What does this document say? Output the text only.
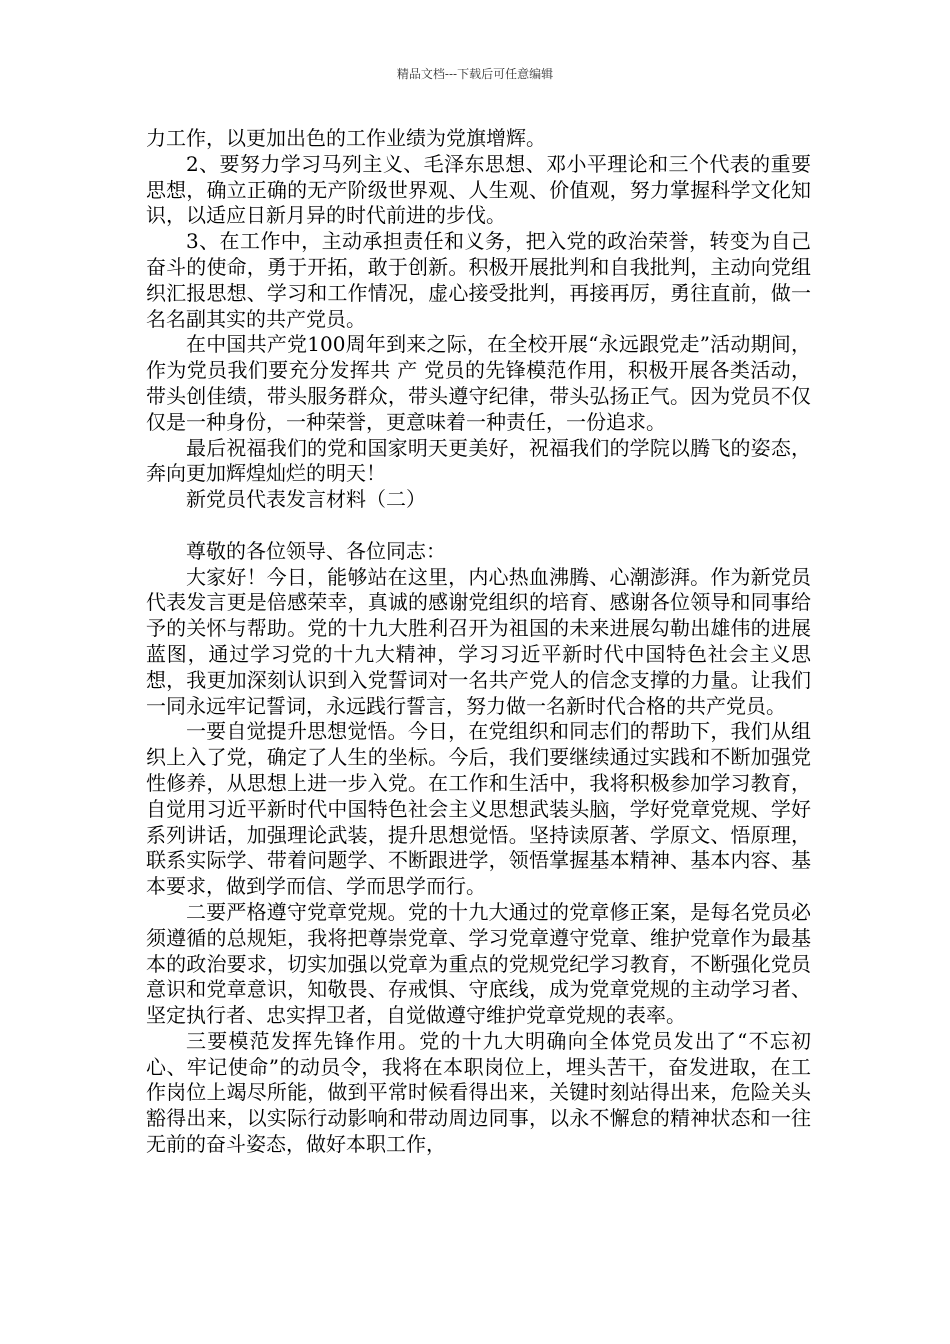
精品文档---下载后可任意编辑

力工作，以更加出色的工作业绩为党旗增辉。

2、要努力学习马列主义、毛泽东思想、邓小平理论和三个代表的重要思想，确立正确的无产阶级世界观、人生观、价值观，努力掌握科学文化知识，以适应日新月异的时代前进的步伐。

3、在工作中，主动承担责任和义务，把入党的政治荣誉，转变为自己奋斗的使命，勇于开拓，敢于创新。积极开展批判和自我批判，主动向党组织汇报思想、学习和工作情况，虚心接受批判，再接再厉，勇往直前，做一名名副其实的共产党员。

在中国共产党100周年到来之际，在全校开展“永远跟党走”活动期间，作为党员我们要充分发挥共 产 党员的先锋模范作用，积极开展各类活动，带头创佳绩，带头服务群众，带头遵守纪律，带头弘扬正气。因为党员不仅仅是一种身份，一种荣誉，更意味着一种责任，一份追求。

最后祝福我们的党和国家明天更美好，祝福我们的学院以腾飞的姿态，奔向更加辉煌灿烂的明天！

新党员代表发言材料（二）

尊敬的各位领导、各位同志：

大家好！今日，能够站在这里，内心热血沸腾、心潮澎湃。作为新党员代表发言更是倍感荣幸，真诚的感谢党组织的培育、感谢各位领导和同事给予的关怀与帮助。党的十九大胜利召开为祖国的未来进展勾勒出雄伟的进展蓝图，通过学习党的十九大精神，学习习近平新时代中国特色社会主义思想，我更加深刻认识到入党誓词对一名共产党人的信念支撑的力量。让我们一同永远牢记誓词，永远践行誓言，努力做一名新时代合格的共产党员。

一要自觉提升思想觉悟。今日，在党组织和同志们的帮助下，我们从组织上入了党，确定了人生的坐标。今后，我们要继续通过实践和不断加强党性修养，从思想上进一步入党。在工作和生活中，我将积极参加学习教育，自觉用习近平新时代中国特色社会主义思想武装头脑，学好党章党规、学好系列讲话，加强理论武装，提升思想觉悟。坚持读原著、学原文、悟原理，联系实际学、带着问题学、不断跟进学，领悟掌握基本精神、基本内容、基本要求，做到学而信、学而思学而行。

二要严格遵守党章党规。党的十九大通过的党章修正案，是每名党员必须遵循的总规矩，我将把尊崇党章、学习党章遵守党章、维护党章作为最基本的政治要求，切实加强以党章为重点的党规党纪学习教育，不断强化党员意识和党章意识，知敬畏、存戒惧、守底线，成为党章党规的主动学习者、坚定执行者、忠实捍卫者，自觉做遵守维护党章党规的表率。

三要模范发挥先锋作用。党的十九大明确向全体党员发出了“不忘初心、牢记使命”的动员令，我将在本职岗位上，埋头苦干，奋发进取，在工作岗位上竭尽所能，做到平常时候看得出来，关键时刻站得出来，危险关头豁得出来，以实际行动影响和带动周边同事，以永不懈怠的精神状态和一往无前的奋斗姿态，做好本职工作，
